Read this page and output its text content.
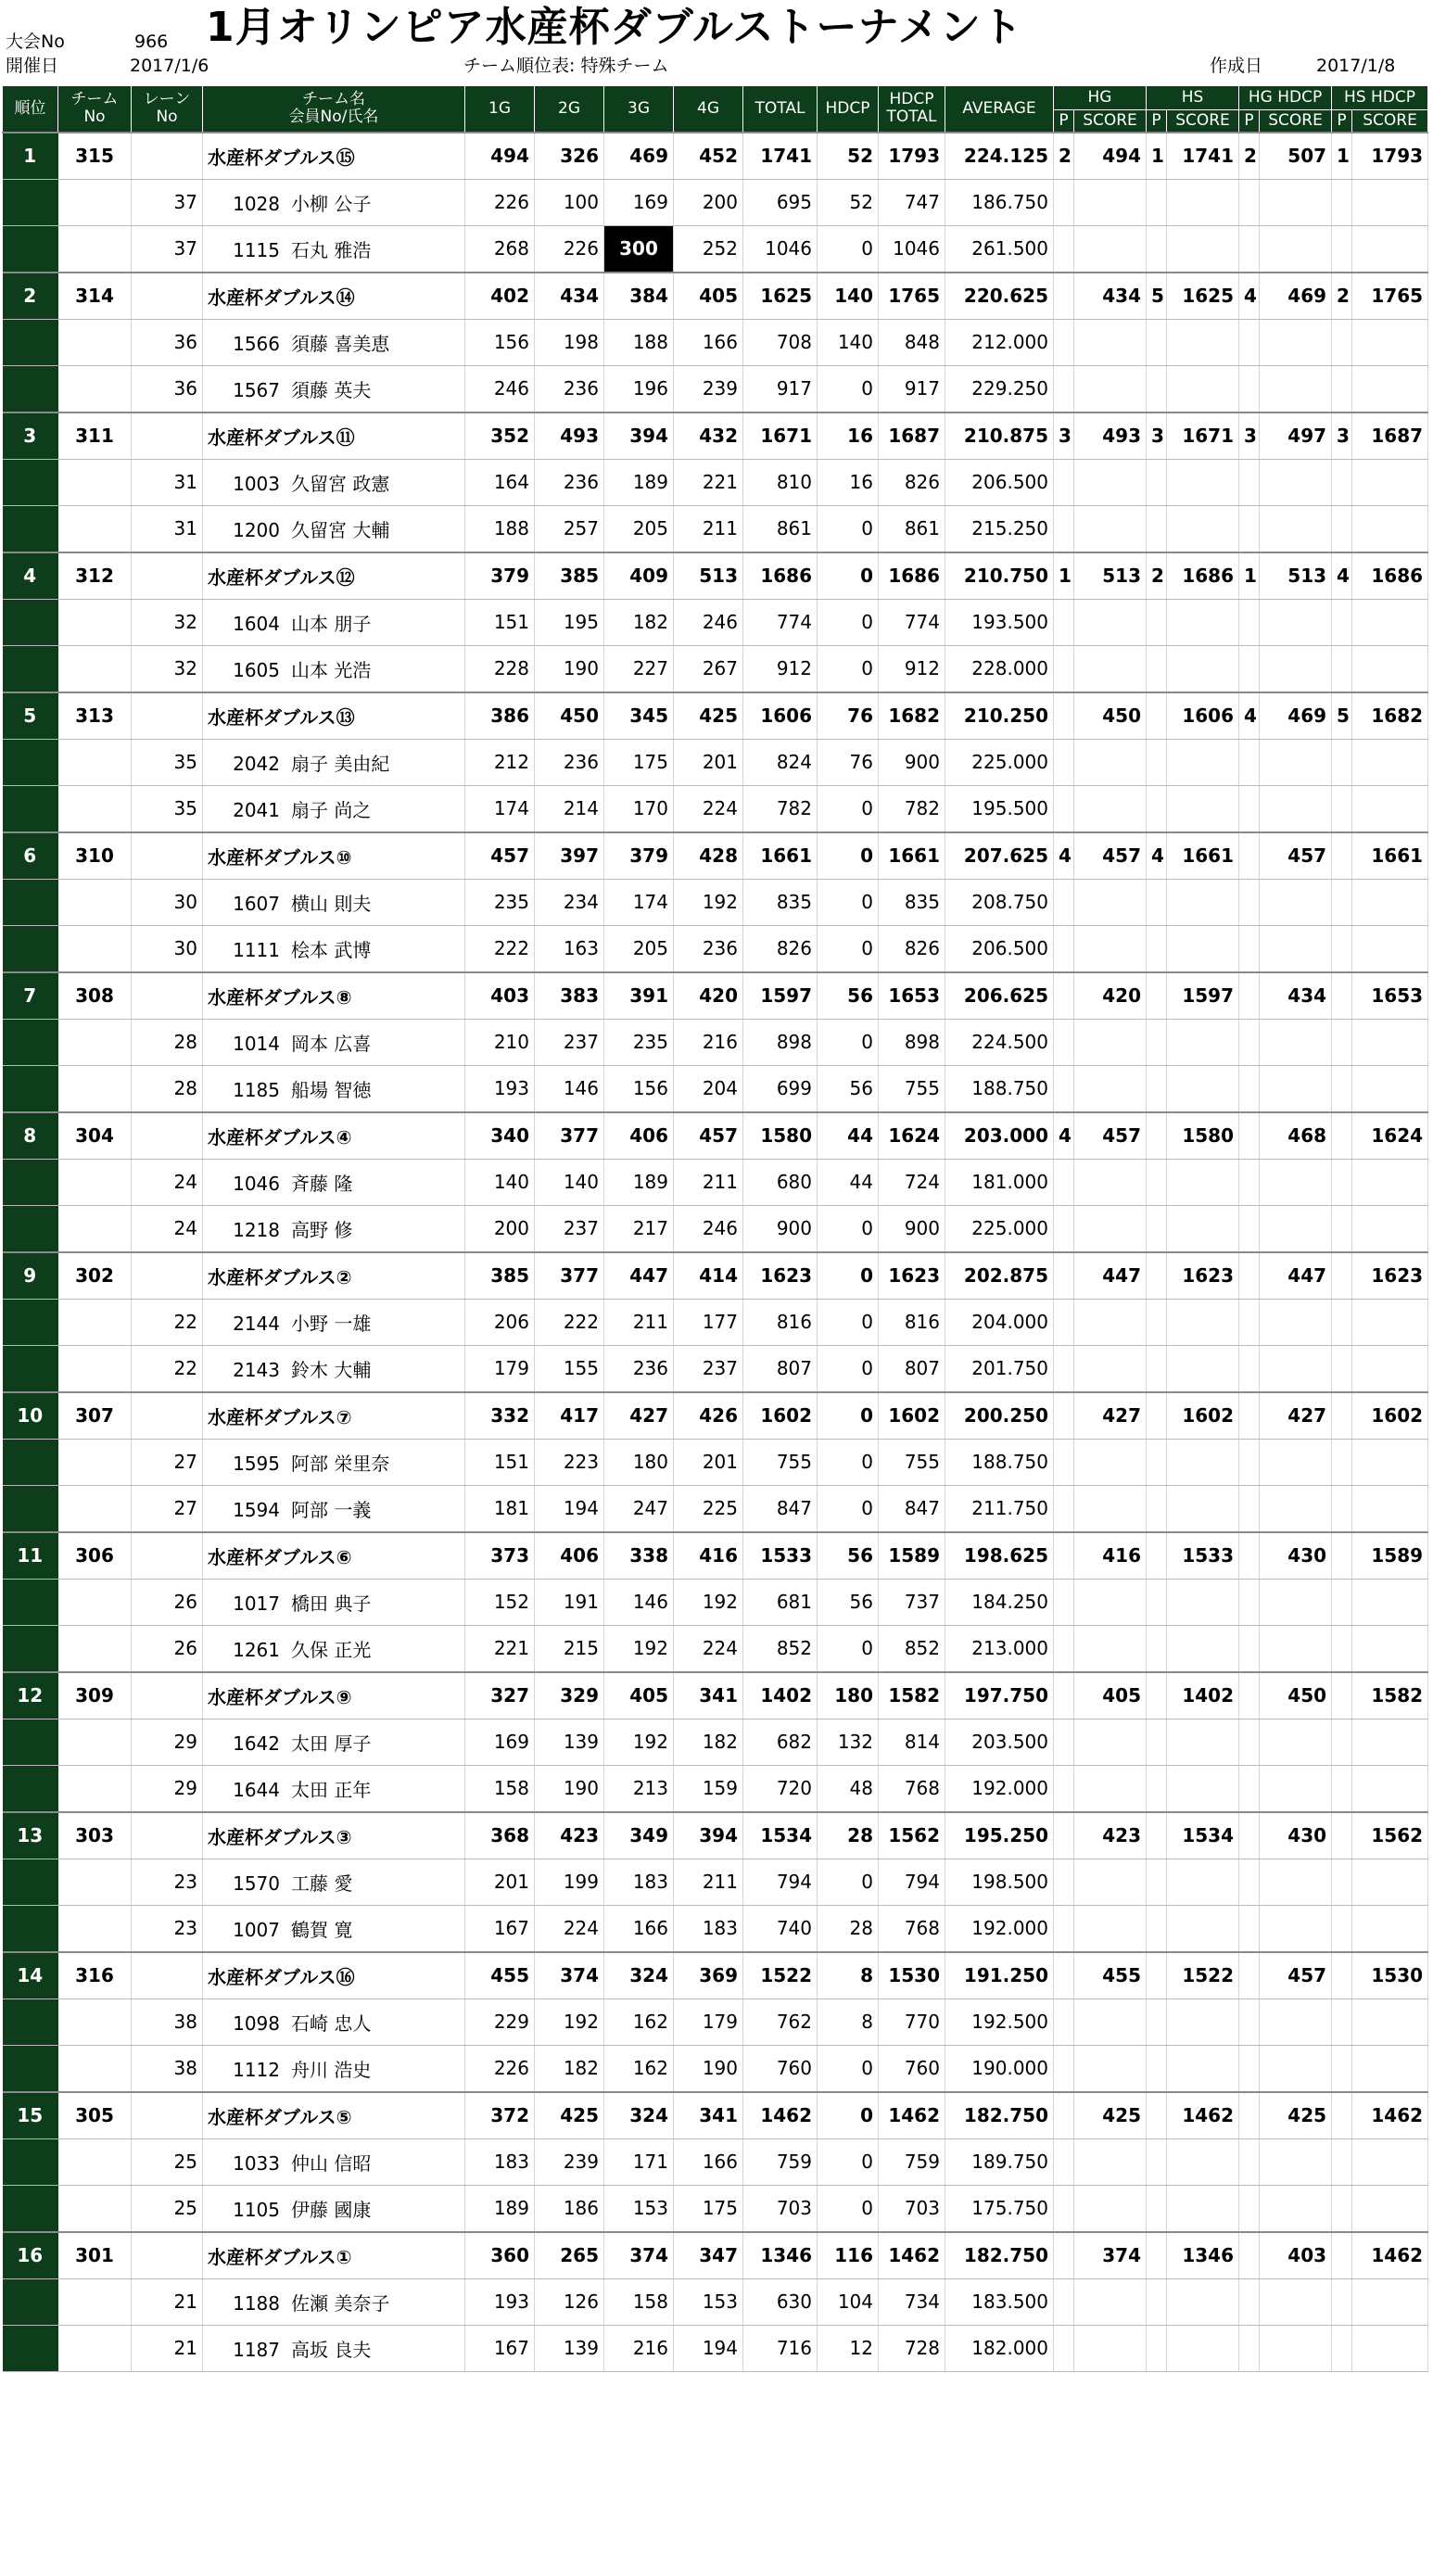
大会No	966
開催日	2017/1/6
1月オリンピア水産杯ダブルストーナメント
チーム順位表: 特殊チーム	作成日	2017/1/8
順位	チーム
No	レーン
No	チーム名
会員No/氏名	1G	2G	3G	4G	TOTAL	HDCP	HDCP
TOTAL	AVERAGE	HG		HS		HG HDCP		HS HDCP	
												P	SCORE	P	SCORE	P	SCORE	P	SCORE
1	315		水産杯ダブルス⑮	494	326	469	452	1741	52	1793	224.125	2	494	1	1741	2	507	1	1793
		37	1028 小柳 公子	226	100	169	200	695	52	747	186.750								
		37	1115 石丸 雅浩	268	226	300	252	1046	0	1046	261.500								
2	314		水産杯ダブルス⑭	402	434	384	405	1625	140	1765	220.625		434	5	1625	4	469	2	1765
		36	1566 須藤 喜美恵	156	198	188	166	708	140	848	212.000								
		36	1567 須藤 英夫	246	236	196	239	917	0	917	229.250								
3	311		水産杯ダブルス⑪	352	493	394	432	1671	16	1687	210.875	3	493	3	1671	3	497	3	1687
		31	1003 久留宮 政憲	164	236	189	221	810	16	826	206.500								
		31	1200 久留宮 大輔	188	257	205	211	861	0	861	215.250								
4	312		水産杯ダブルス⑫	379	385	409	513	1686	0	1686	210.750	1	513	2	1686	1	513	4	1686
		32	1604 山本 朋子	151	195	182	246	774	0	774	193.500								
		32	1605 山本 光浩	228	190	227	267	912	0	912	228.000								
5	313		水産杯ダブルス⑬	386	450	345	425	1606	76	1682	210.250		450		1606	4	469	5	1682
		35	2042 扇子 美由紀	212	236	175	201	824	76	900	225.000								
		35	2041 扇子 尚之	174	214	170	224	782	0	782	195.500								
6	310		水産杯ダブルス⑩	457	397	379	428	1661	0	1661	207.625	4	457	4	1661		457		1661
		30	1607 横山 則夫	235	234	174	192	835	0	835	208.750								
		30	1111 桧本 武博	222	163	205	236	826	0	826	206.500								
7	308		水産杯ダブルス⑧	403	383	391	420	1597	56	1653	206.625		420		1597		434		1653
		28	1014 岡本 広喜	210	237	235	216	898	0	898	224.500								
		28	1185 船場 智徳	193	146	156	204	699	56	755	188.750								
8	304		水産杯ダブルス④	340	377	406	457	1580	44	1624	203.000	4	457		1580		468		1624
		24	1046 斉藤 隆	140	140	189	211	680	44	724	181.000								
		24	1218 高野 修	200	237	217	246	900	0	900	225.000								
9	302		水産杯ダブルス②	385	377	447	414	1623	0	1623	202.875		447		1623		447		1623
		22	2144 小野 一雄	206	222	211	177	816	0	816	204.000								
		22	2143 鈴木 大輔	179	155	236	237	807	0	807	201.750								
10	307		水産杯ダブルス⑦	332	417	427	426	1602	0	1602	200.250		427		1602		427		1602
		27	1595 阿部 栄里奈	151	223	180	201	755	0	755	188.750								
		27	1594 阿部 一義	181	194	247	225	847	0	847	211.750								
11	306		水産杯ダブルス⑥	373	406	338	416	1533	56	1589	198.625		416		1533		430		1589
		26	1017 橋田 典子	152	191	146	192	681	56	737	184.250								
		26	1261 久保 正光	221	215	192	224	852	0	852	213.000								
12	309		水産杯ダブルス⑨	327	329	405	341	1402	180	1582	197.750		405		1402		450		1582
		29	1642 太田 厚子	169	139	192	182	682	132	814	203.500								
		29	1644 太田 正年	158	190	213	159	720	48	768	192.000								
13	303		水産杯ダブルス③	368	423	349	394	1534	28	1562	195.250		423		1534		430		1562
		23	1570 工藤 愛	201	199	183	211	794	0	794	198.500								
		23	1007 鶴賀 寛	167	224	166	183	740	28	768	192.000								
14	316		水産杯ダブルス⑯	455	374	324	369	1522	8	1530	191.250		455		1522		457		1530
		38	1098 石崎 忠人	229	192	162	179	762	8	770	192.500								
		38	1112 舟川 浩史	226	182	162	190	760	0	760	190.000								
15	305		水産杯ダブルス⑤	372	425	324	341	1462	0	1462	182.750		425		1462		425		1462
		25	1033 仲山 信昭	183	239	171	166	759	0	759	189.750								
		25	1105 伊藤 國康	189	186	153	175	703	0	703	175.750								
16	301		水産杯ダブルス①	360	265	374	347	1346	116	1462	182.750		374		1346		403		1462
		21	1188 佐瀬 美奈子	193	126	158	153	630	104	734	183.500								
		21	1187 高坂 良夫	167	139	216	194	716	12	728	182.000								
